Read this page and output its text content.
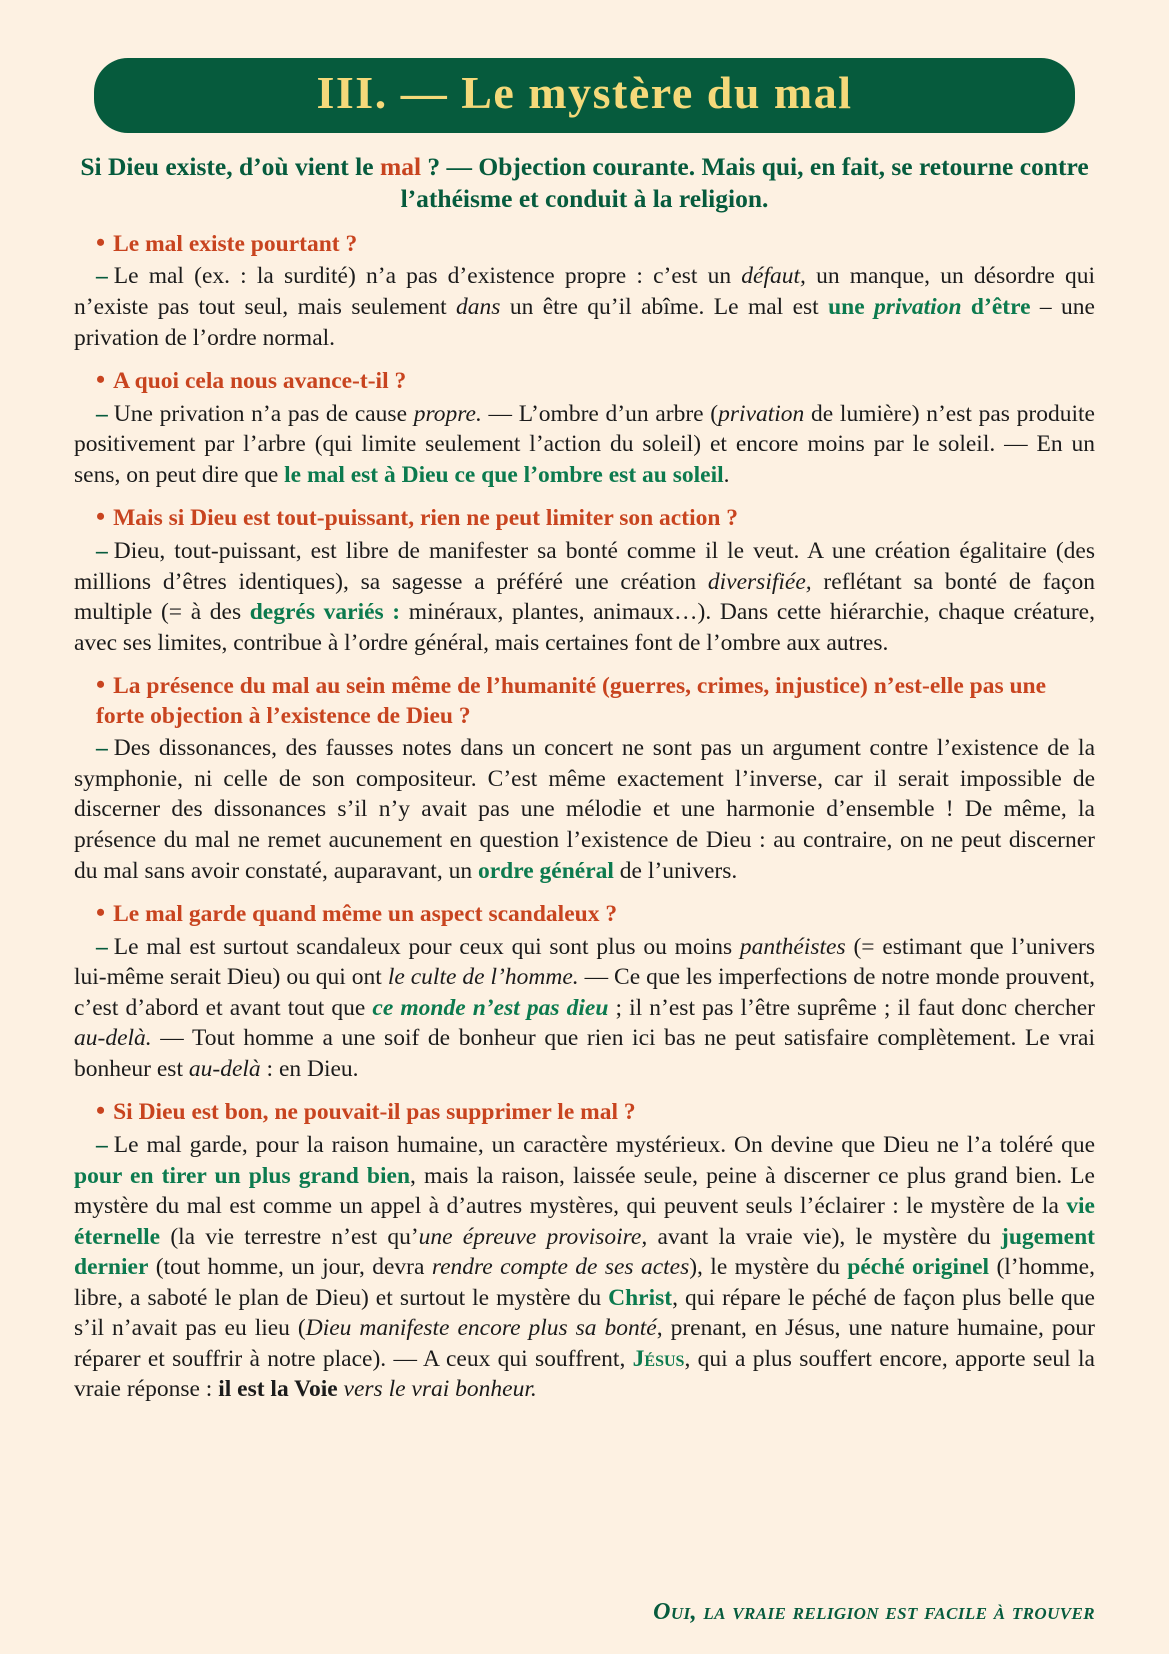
III. — Le mystère du mal
Si Dieu existe, d’où vient le mal ? — Objection courante. Mais qui, en fait, se retourne contre l’athéisme et conduit à la religion.
• Le mal existe pourtant ?
– Le mal (ex. : la surdité) n’a pas d’existence propre : c’est un défaut, un manque, un désordre qui n’existe pas tout seul, mais seulement dans un être qu’il abîme. Le mal est une privation d’être – une privation de l’ordre normal.
• A quoi cela nous avance-t-il ?
– Une privation n’a pas de cause propre. — L’ombre d’un arbre (privation de lumière) n’est pas produite positivement par l’arbre (qui limite seulement l’action du soleil) et encore moins par le soleil. — En un sens, on peut dire que le mal est à Dieu ce que l’ombre est au soleil.
• Mais si Dieu est tout-puissant, rien ne peut limiter son action ?
– Dieu, tout-puissant, est libre de manifester sa bonté comme il le veut. A une création égalitaire (des millions d’êtres identiques), sa sagesse a préféré une création diversifiée, reflétant sa bonté de façon multiple (= à des degrés variés : minéraux, plantes, animaux…). Dans cette hiérarchie, chaque créature, avec ses limites, contribue à l’ordre général, mais certaines font de l’ombre aux autres.
• La présence du mal au sein même de l’humanité (guerres, crimes, injustice) n’est-elle pas une forte objection à l’existence de Dieu ?
– Des dissonances, des fausses notes dans un concert ne sont pas un argument contre l’existence de la symphonie, ni celle de son compositeur. C’est même exactement l’inverse, car il serait impossible de discerner des dissonances s’il n’y avait pas une mélodie et une harmonie d’ensemble ! De même, la présence du mal ne remet aucunement en question l’existence de Dieu : au contraire, on ne peut discerner du mal sans avoir constaté, auparavant, un ordre général de l’univers.
• Le mal garde quand même un aspect scandaleux ?
– Le mal est surtout scandaleux pour ceux qui sont plus ou moins panthéistes (= estimant que l’univers lui-même serait Dieu) ou qui ont le culte de l’homme. — Ce que les imperfections de notre monde prouvent, c’est d’abord et avant tout que ce monde n’est pas dieu ; il n’est pas l’être suprême ; il faut donc chercher au-delà. — Tout homme a une soif de bonheur que rien ici bas ne peut satisfaire complètement. Le vrai bonheur est au-delà : en Dieu.
• Si Dieu est bon, ne pouvait-il pas supprimer le mal ?
– Le mal garde, pour la raison humaine, un caractère mystérieux. On devine que Dieu ne l’a toléré que pour en tirer un plus grand bien, mais la raison, laissée seule, peine à discerner ce plus grand bien. Le mystère du mal est comme un appel à d’autres mystères, qui peuvent seuls l’éclairer : le mystère de la vie éternelle (la vie terrestre n’est qu’une épreuve provisoire, avant la vraie vie), le mystère du jugement dernier (tout homme, un jour, devra rendre compte de ses actes), le mystère du péché originel (l’homme, libre, a saboté le plan de Dieu) et surtout le mystère du Christ, qui répare le péché de façon plus belle que s’il n’avait pas eu lieu (Dieu manifeste encore plus sa bonté, prenant, en Jésus, une nature humaine, pour réparer et souffrir à notre place). — A ceux qui souffrent, Jésus, qui a plus souffert encore, apporte seul la vraie réponse : il est la Voie vers le vrai bonheur.
Oui, la vraie religion est facile à trouver
